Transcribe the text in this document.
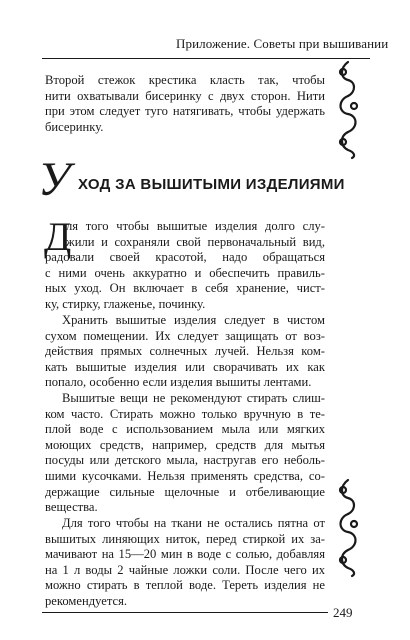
Приложение. Советы при вышивании
Второй стежок крестика класть так, чтобы
нити охватывали бисеринку с двух сторон. Нити
при этом следует туго натягивать, чтобы удержать
бисеринку.
У ХОД ЗА ВЫШИТЫМИ ИЗДЕЛИЯМИ
Д
ля того чтобы вышитые изделия долго слу-
жили и сохраняли свой первоначальный вид,
радовали своей красотой, надо обращаться
с ними очень аккуратно и обеспечить правиль-
ных уход. Он включает в себя хранение, чист-
ку, стирку, глаженье, починку.
Хранить вышитые изделия следует в чистом
сухом помещении. Их следует защищать от воз-
действия прямых солнечных лучей. Нельзя ком-
кать вышитые изделия или сворачивать их как
попало, особенно если изделия вышиты лентами.
Вышитые вещи не рекомендуют стирать слиш-
ком часто. Стирать можно только вручную в те-
плой воде с использованием мыла или мягких
моющих средств, например, средств для мытья
посуды или детского мыла, настругав его неболь-
шими кусочками. Нельзя применять средства, со-
держащие сильные щелочные и отбеливающие
вещества.
Для того чтобы на ткани не остались пятна от
вышитых линяющих ниток, перед стиркой их за-
мачивают на 15—20 мин в воде с солью, добавляя
на 1 л воды 2 чайные ложки соли. После чего их
можно стирать в теплой воде. Тереть изделия не
рекомендуется.
249
